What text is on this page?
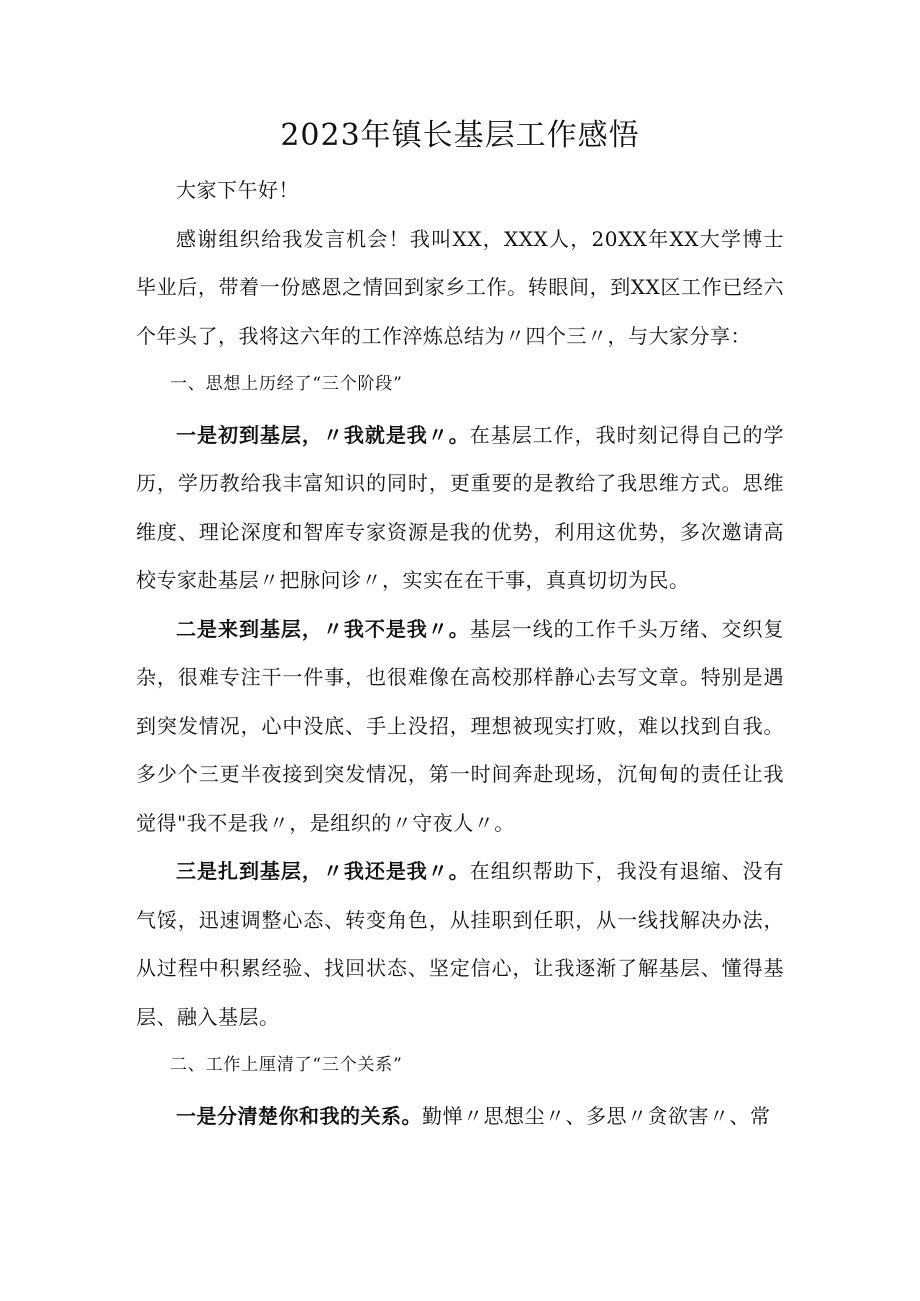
2023年镇长基层工作感悟

大家下午好！

感谢组织给我发言机会！我叫XX，XXX人，20XX年XX大学博士毕业后，带着一份感恩之情回到家乡工作。转眼间，到XX区工作已经六个年头了，我将这六年的工作淬炼总结为〃四个三〃，与大家分享：

一、思想上历经了“三个阶段”

一是初到基层，〃我就是我〃。在基层工作，我时刻记得自己的学历，学历教给我丰富知识的同时，更重要的是教给了我思维方式。思维维度、理论深度和智库专家资源是我的优势，利用这优势，多次邀请高校专家赴基层〃把脉问诊〃，实实在在干事，真真切切为民。

二是来到基层，〃我不是我〃。基层一线的工作千头万绪、交织复杂，很难专注干一件事，也很难像在高校那样静心去写文章。特别是遇到突发情况，心中没底、手上没招，理想被现实打败，难以找到自我。多少个三更半夜接到突发情况，第一时间奔赴现场，沉甸甸的责任让我觉得"我不是我〃，是组织的〃守夜人〃。

三是扎到基层，〃我还是我〃。在组织帮助下，我没有退缩、没有气馁，迅速调整心态、转变角色，从挂职到任职，从一线找解决办法，从过程中积累经验、找回状态、坚定信心，让我逐渐了解基层、懂得基层、融入基层。

二、工作上厘清了“三个关系”

一是分清楚你和我的关系。勤惮〃思想尘〃、多思〃贪欲害〃、常
